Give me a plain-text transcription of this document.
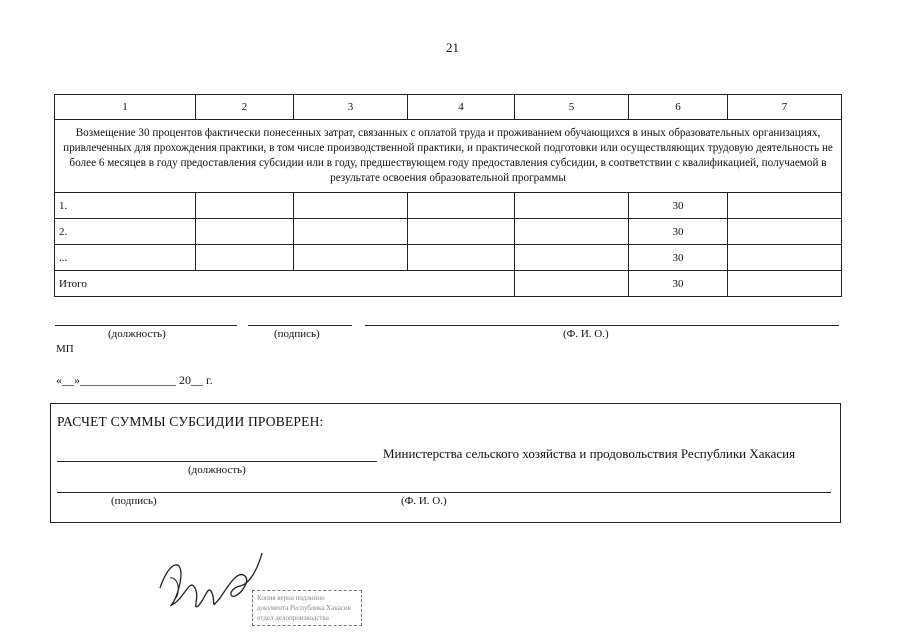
21
1	2	3	4	5	6	7
Возмещение 30 процентов фактически понесенных затрат, связанных с оплатой труда и проживанием обучающихся в иных образовательных организациях, привлеченных для прохождения практики, в том числе производственной практики, и практической подготовки или осуществляющих трудовую деятельность не более 6 месяцев в году предоставления субсидии или в году, предшествующем году предоставления субсидии, в соответствии с квалификацией, получаемой в результате освоения образовательной программы						
1.					30	
2.					30	
...					30	
Итого					30	
(должность)	(подпись)	(Ф. И. О.)
МП
«__»________________ 20__ г.
РАСЧЕТ СУММЫ СУБСИДИИ ПРОВЕРЕН:
Министерства сельского хозяйства и продовольствия Республики Хакасия
(должность)
(подпись)	(Ф. И. О.)
Копия верна подлинно документа Республика Хакасия отдел делопроизводства
